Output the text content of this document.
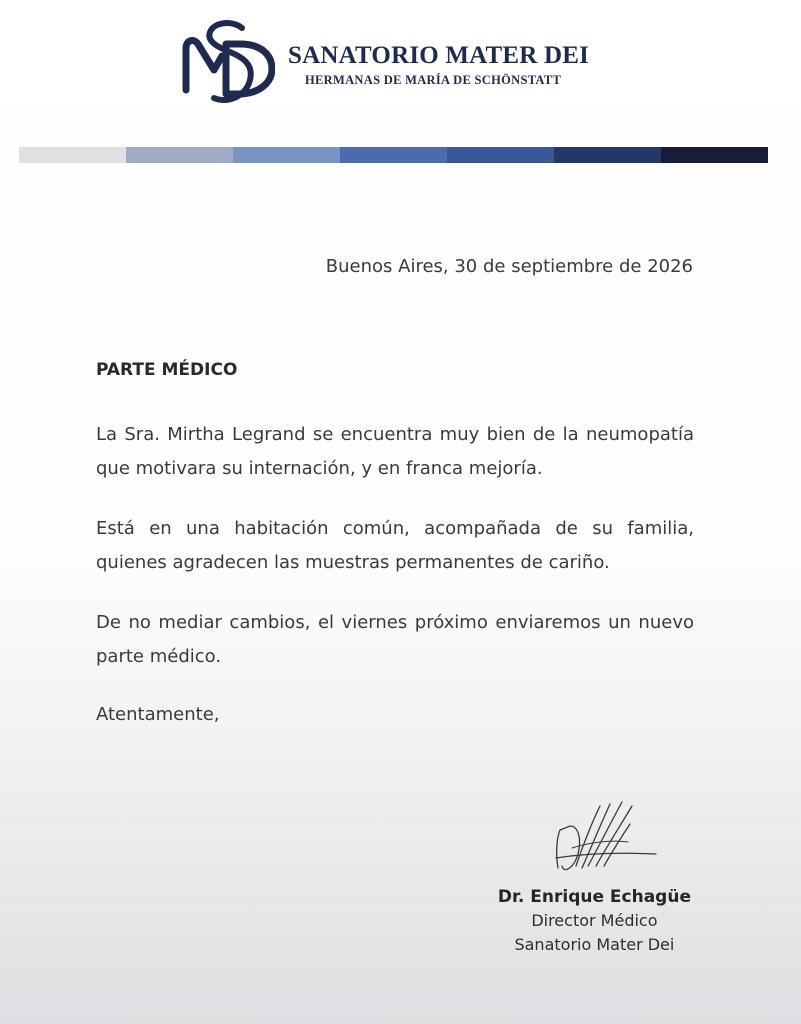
SANATORIO MATER DEI
HERMANAS DE MARÍA DE SCHÖNSTATT
Buenos Aires, 30 de septiembre de 2026
PARTE MÉDICO

La Sra. Mirtha Legrand se encuentra muy bien de la neumopatía que motivara su internación, y en franca mejoría.

Está en una habitación común, acompañada de su familia, quienes agradecen las muestras permanentes de cariño.

De no mediar cambios, el viernes próximo enviaremos un nuevo parte médico.

Atentamente,
Dr. Enrique Echagüe
Director Médico
Sanatorio Mater Dei
